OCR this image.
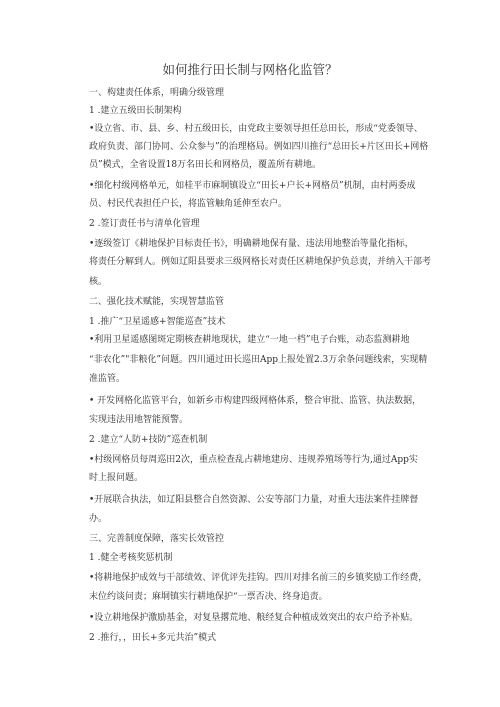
如何推行田长制与网格化监管？
一、构建责任体系，明确分级管理
1 .建立五级田长制架构
•设立省、市、县、乡、村五级田长，由党政主要领导担任总田长，形成“党委领导、
政府负责、部门协同、公众参与”的治理格局。例如四川推行“总田长+片区田长+网格
员”模式，全省设置18万名田长和网格员，覆盖所有耕地。
•细化村级网格单元，如桂平市麻垌镇设立“田长+户长+网格员”机制，由村两委成
员、村民代表担任户长，将监管触角延伸至农户。
2 .签订责任书与清单化管理
•逐级签订《耕地保护目标责任书》，明确耕地保有量、违法用地整治等量化指标，
将责任分解到人。例如辽阳县要求三级网格长对责任区耕地保护负总责，并纳入干部考
核。
二、强化技术赋能，实现智慧监管
1 .推广“卫星遥感+智能巡查”技术
•利用卫星遥感图斑定期核查耕地现状，建立“一地一档”电子台账，动态监测耕地
“非农化”"非粮化”问题。四川通过田长巡田App上报处置2.3万余条问题线索，实现精
准监管。
• 开发网格化监管平台，如新乡市构建四级网格体系，整合审批、监管、执法数据，
实现违法用地智能预警。
2 .建立“人防+技防”巡查机制
•村级网格员每周巡田2次，重点检查乱占耕地建房、违规养殖场等行为,通过App实
时上报问题。
•开展联合执法，如辽阳县整合自然资源、公安等部门力量，对重大违法案件挂牌督
办。
三、完善制度保障，落实长效管控
1 .健全考核奖惩机制
•将耕地保护成效与干部绩效、评优评先挂钩。四川对排名前三的乡镇奖励工作经费，
末位约谈问责；麻垌镇实行耕地保护“一票否决、终身追责。
•设立耕地保护激励基金，对复垦撂荒地、粮经复合种植成效突出的农户给予补贴。
2 .推行，，田长+多元共治”模式
